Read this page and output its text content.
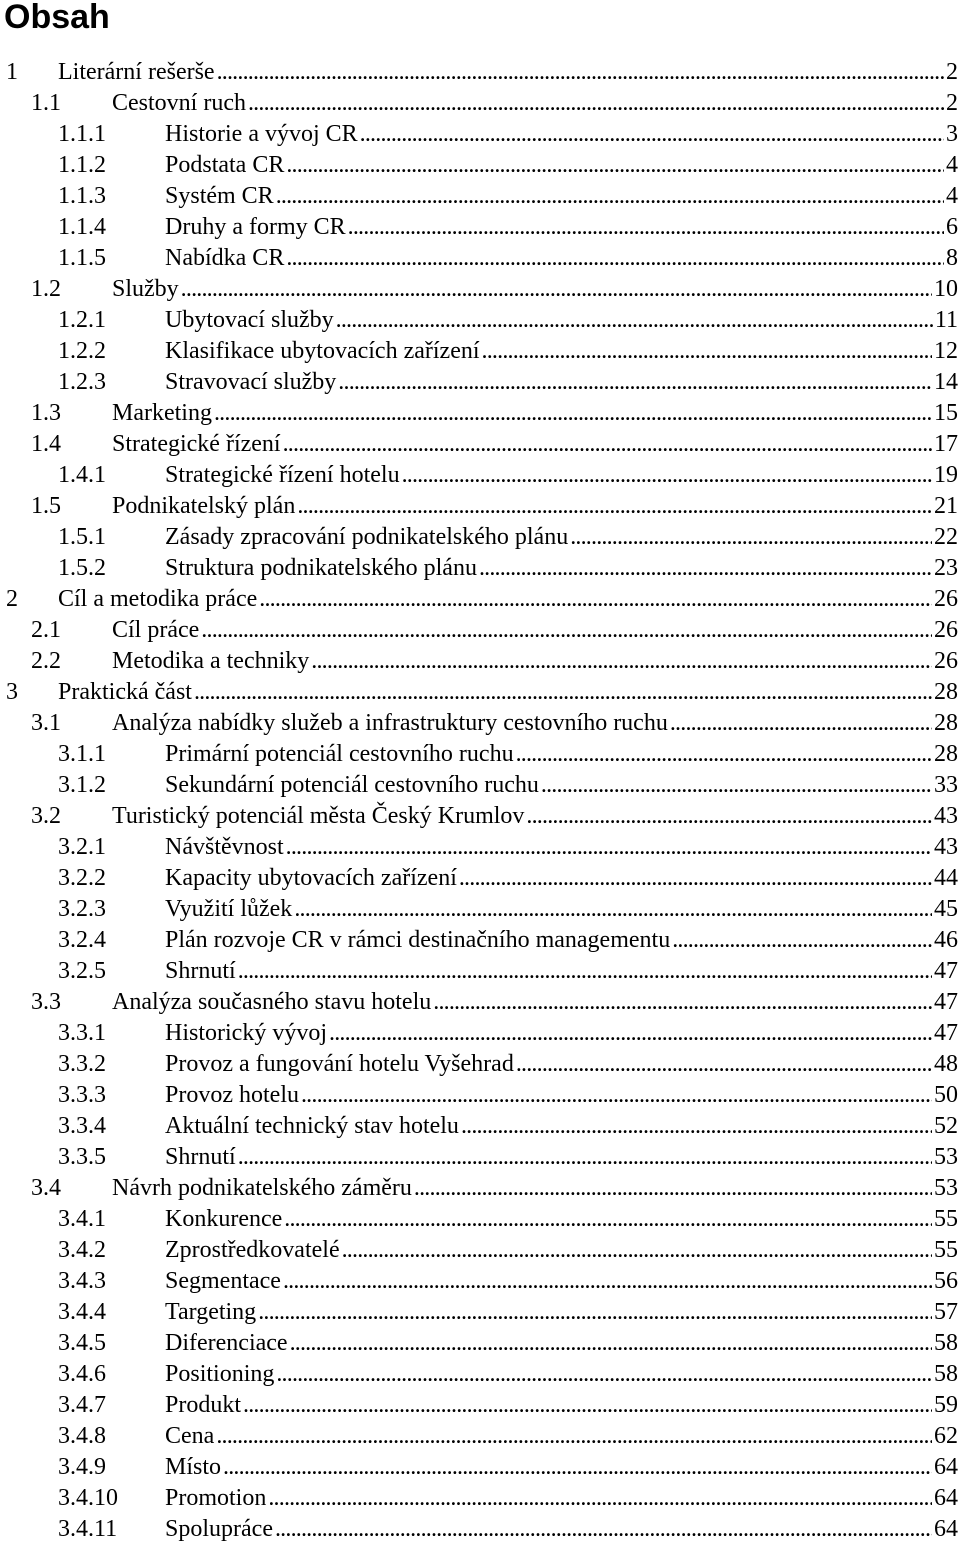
Obsah
1 Literární rešerše . . .	2
1.1 Cestovní ruch . . .	2
1.1.1 Historie a vývoj CR . . .	3
1.1.2 Podstata CR . . .	4
1.1.3 Systém CR . . .	4
1.1.4 Druhy a formy CR . . .	6
1.1.5 Nabídka CR . . .	8
1.2 Služby . . .	10
1.2.1 Ubytovací služby . . .	11
1.2.2 Klasifikace ubytovacích zařízení . . .	12
1.2.3 Stravovací služby . . .	14
1.3 Marketing . . .	15
1.4 Strategické řízení . . .	17
1.4.1 Strategické řízení hotelu . . .	19
1.5 Podnikatelský plán . . .	21
1.5.1 Zásady zpracování podnikatelského plánu . . .	22
1.5.2 Struktura podnikatelského plánu . . .	23
2 Cíl a metodika práce . . .	26
2.1 Cíl práce . . .	26
2.2 Metodika a techniky . . .	26
3 Praktická část . . .	28
3.1 Analýza nabídky služeb a infrastruktury cestovního ruchu . . .	28
3.1.1 Primární potenciál cestovního ruchu . . .	28
3.1.2 Sekundární potenciál cestovního ruchu . . .	33
3.2 Turistický potenciál města Český Krumlov . . .	43
3.2.1 Návštěvnost . . .	43
3.2.2 Kapacity ubytovacích zařízení . . .	44
3.2.3 Využití lůžek . . .	45
3.2.4 Plán rozvoje CR v rámci destinačního managementu . . .	46
3.2.5 Shrnutí . . .	47
3.3 Analýza současného stavu hotelu . . .	47
3.3.1 Historický vývoj . . .	47
3.3.2 Provoz a fungování hotelu Vyšehrad . . .	48
3.3.3 Provoz hotelu . . .	50
3.3.4 Aktuální technický stav hotelu . . .	52
3.3.5 Shrnutí . . .	53
3.4 Návrh podnikatelského záměru . . .	53
3.4.1 Konkurence . . .	55
3.4.2 Zprostředkovatelé . . .	55
3.4.3 Segmentace . . .	56
3.4.4 Targeting . . .	57
3.4.5 Diferenciace . . .	58
3.4.6 Positioning . . .	58
3.4.7 Produkt . . .	59
3.4.8 Cena . . .	62
3.4.9 Místo . . .	64
3.4.10 Promotion . . .	64
3.4.11 Spolupráce . . .	64
